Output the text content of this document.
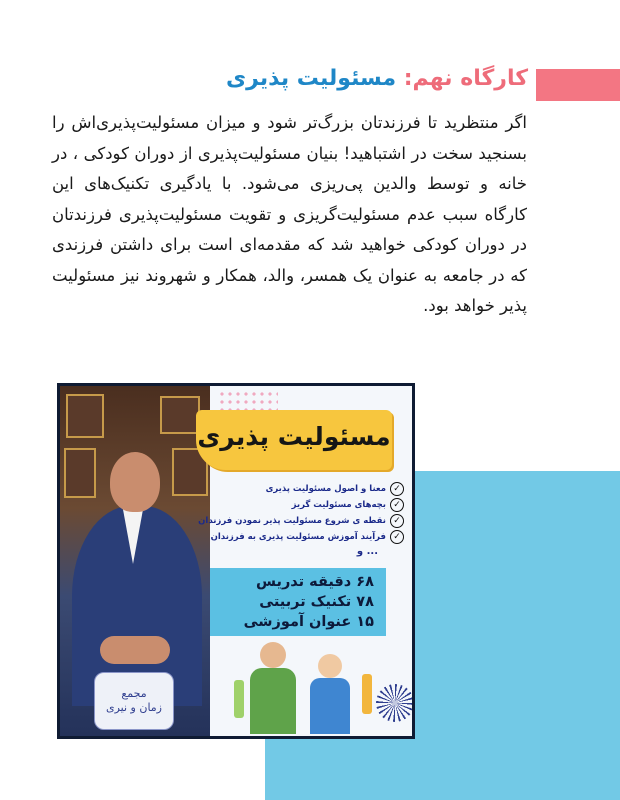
کارگاه نهم: مسئولیت پذیری
اگر منتظرید تا فرزندتان بزرگ‌تر شود و میزان مسئولیت‌پذیری‌اش را بسنجید سخت در اشتباهید! بنیان مسئولیت‌پذیری از دوران کودکی ، در خانه و توسط والدین پی‌ریزی می‌شود. با یادگیری تکنیک‌های این کارگاه سبب عدم مسئولیت‌گریزی و تقویت مسئولیت‌پذیری فرزندتان در دوران کودکی خواهید شد که مقدمه‌ای است برای داشتن فرزندی که در جامعه به عنوان یک همسر، والد، همکار و شهروند نیز مسئولیت پذیر خواهد بود.
مجمع
زمان و نیری
مسئولیت پذیری
✓
معنا و اصول مسئولیت پذیری
✓
بچه‌های مسئولیت گریز
✓
نقطه ی شروع مسئولیت پذیر نمودن فرزندان
✓
فرآیند آموزش مسئولیت پذیری به فرزندان
و ...
۶۸ دقیقه تدریس
۷۸ تکنیک تربیتی
۱۵ عنوان آموزشی
